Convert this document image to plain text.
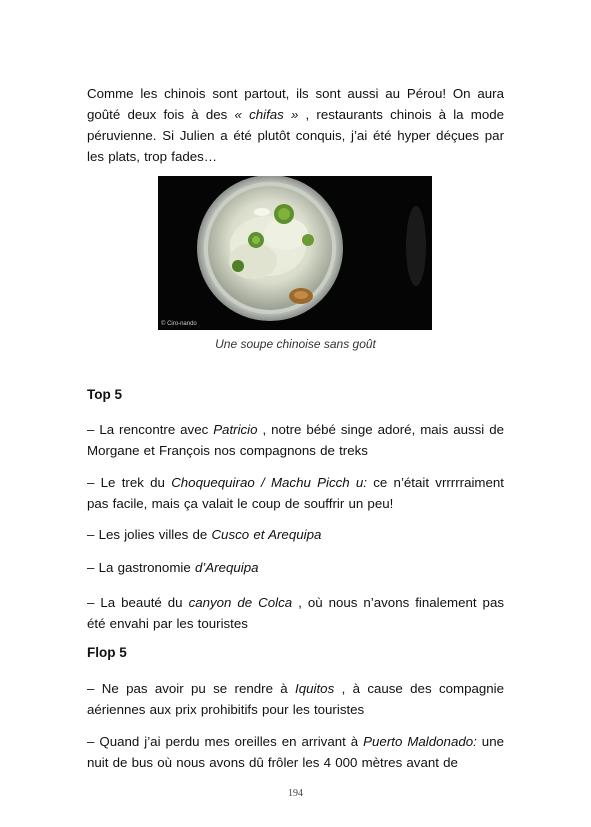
Comme les chinois sont partout, ils sont aussi au Pérou! On aura goûté deux fois à des « chifas » , restaurants chinois à la mode péruvienne. Si Julien a été plutôt conquis, j’ai été hyper déçues par les plats, trop fades…

© Ciro-nando
Une soupe chinoise sans goût
Top 5

– La rencontre avec Patricio , notre bébé singe adoré, mais aussi de Morgane et François nos compagnons de treks

– Le trek du Choquequirao / Machu Picch u: ce n’était vrrrrraiment pas facile, mais ça valait le coup de souffrir un peu!

– Les jolies villes de Cusco et Arequipa

– La gastronomie d’Arequipa

– La beauté du canyon de Colca , où nous n’avons finalement pas été envahi par les touristes

Flop 5

– Ne pas avoir pu se rendre à Iquitos , à cause des compagnie aériennes aux prix prohibitifs pour les touristes

– Quand j’ai perdu mes oreilles en arrivant à Puerto Maldonado: une nuit de bus où nous avons dû frôler les 4 000 mètres avant de

194
